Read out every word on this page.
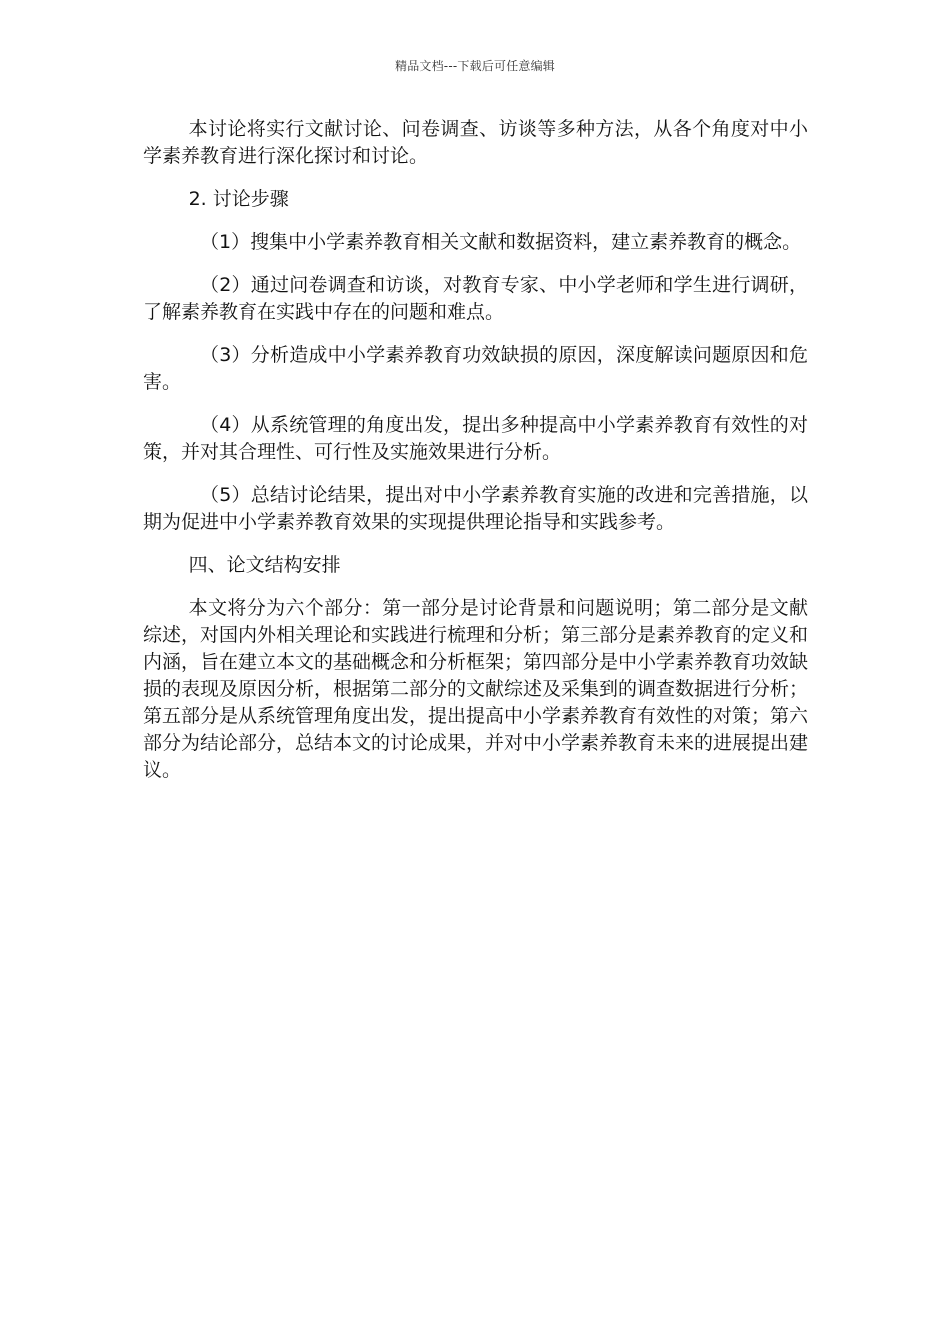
精品文档---下载后可任意编辑

本讨论将实行文献讨论、问卷调查、访谈等多种方法，从各个角度对中小学素养教育进行深化探讨和讨论。

2. 讨论步骤

（1）搜集中小学素养教育相关文献和数据资料，建立素养教育的概念。

（2）通过问卷调查和访谈，对教育专家、中小学老师和学生进行调研，了解素养教育在实践中存在的问题和难点。

（3）分析造成中小学素养教育功效缺损的原因，深度解读问题原因和危害。

（4）从系统管理的角度出发，提出多种提高中小学素养教育有效性的对策，并对其合理性、可行性及实施效果进行分析。

（5）总结讨论结果，提出对中小学素养教育实施的改进和完善措施，以期为促进中小学素养教育效果的实现提供理论指导和实践参考。

四、论文结构安排

本文将分为六个部分：第一部分是讨论背景和问题说明；第二部分是文献综述，对国内外相关理论和实践进行梳理和分析；第三部分是素养教育的定义和内涵，旨在建立本文的基础概念和分析框架；第四部分是中小学素养教育功效缺损的表现及原因分析，根据第二部分的文献综述及采集到的调查数据进行分析；第五部分是从系统管理角度出发，提出提高中小学素养教育有效性的对策；第六部分为结论部分，总结本文的讨论成果，并对中小学素养教育未来的进展提出建议。
